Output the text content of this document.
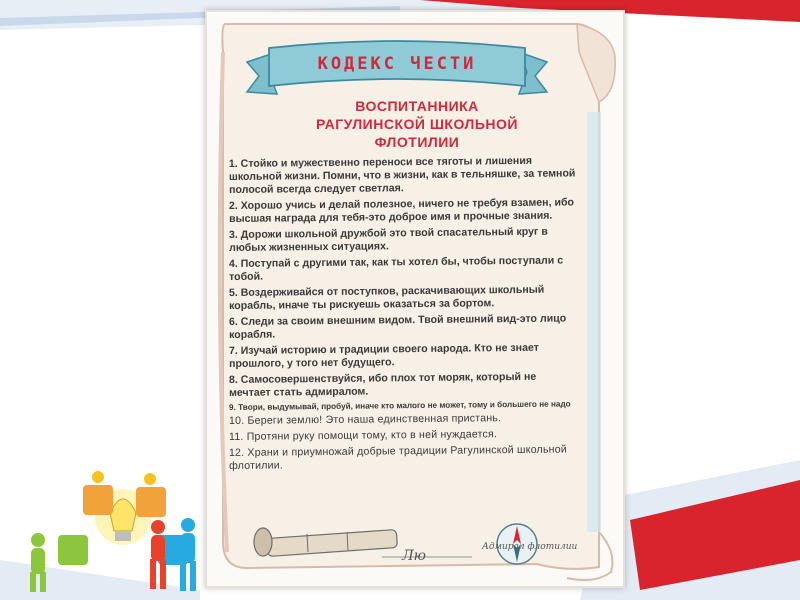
КОДЕКС ЧЕСТИ
ВОСПИТАННИКА
РАГУЛИНСКОЙ ШКОЛЬНОЙ
ФЛОТИЛИИ
1. Стойко и мужественно переноси все тяготы и лишения школьной жизни. Помни, что в жизни, как в тельняшке, за темной полосой всегда следует светлая.
2. Хорошо учись и делай полезное, ничего не требуя взамен, ибо высшая награда для тебя-это доброе имя и прочные знания.
3. Дорожи школьной дружбой это твой спасательный круг в любых жизненных ситуациях.
4. Поступай с другими так, как ты хотел бы, чтобы поступали с тобой.
5. Воздерживайся от поступков, раскачивающих школьный корабль, иначе ты рискуешь оказаться за бортом.
6. Следи за своим внешним видом. Твой внешний вид-это лицо корабля.
7. Изучай историю и традиции своего народа. Кто не знает прошлого, у того нет будущего.
8. Самосовершенствуйся, ибо плох тот моряк, который не мечтает стать адмиралом.
9. Твори, выдумывай, пробуй, иначе кто малого не может, тому и большего не надо
10. Береги землю! Это наша единственная пристань.
11. Протяни руку помощи тому, кто в ней нуждается.
12. Храни и приумножай добрые традиции Рагулинской школьной флотилии.
Адмирал флотилии
Лю
